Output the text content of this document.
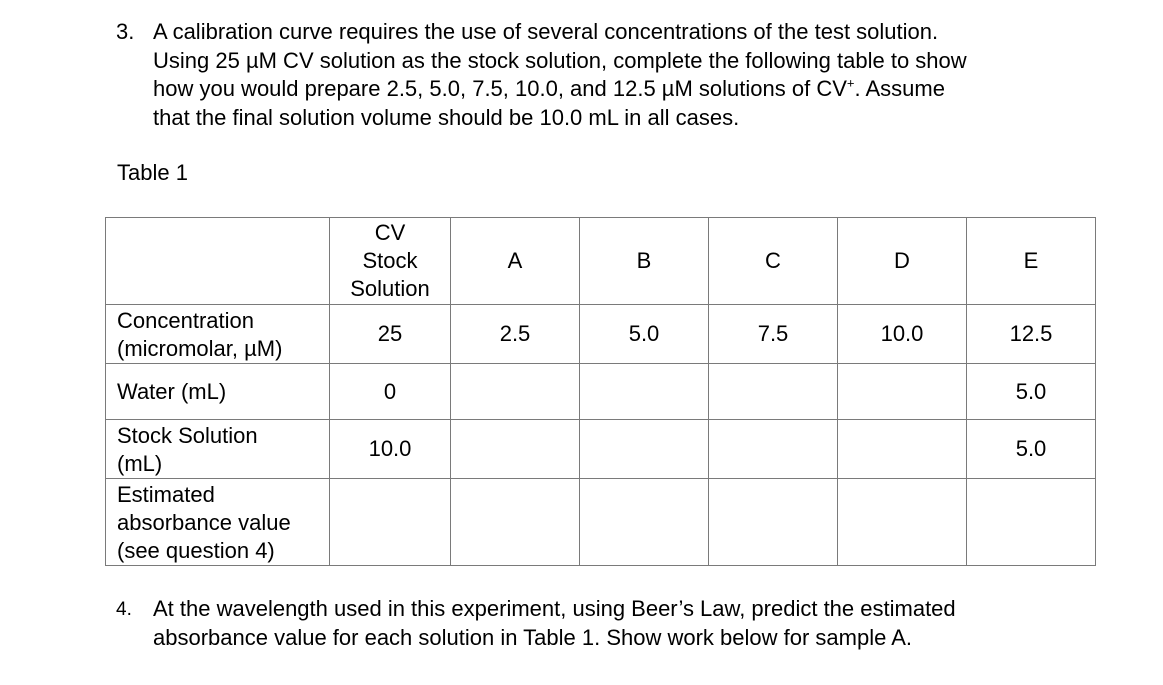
3. A calibration curve requires the use of several concentrations of the test solution.
Using 25 µM CV solution as the stock solution, complete the following table to show
how you would prepare 2.5, 5.0, 7.5, 10.0, and 12.5 µM solutions of CV+. Assume
that the final solution volume should be 10.0 mL in all cases.
Table 1
	CV
Stock
Solution	A	B	C	D	E
Concentration
(micromolar, µM)	25	2.5	5.0	7.5	10.0	12.5
Water (mL)	0					5.0
Stock Solution
(mL)	10.0					5.0
Estimated
absorbance value
(see question 4)						
4. At the wavelength used in this experiment, using Beer’s Law, predict the estimated
absorbance value for each solution in Table 1. Show work below for sample A.
